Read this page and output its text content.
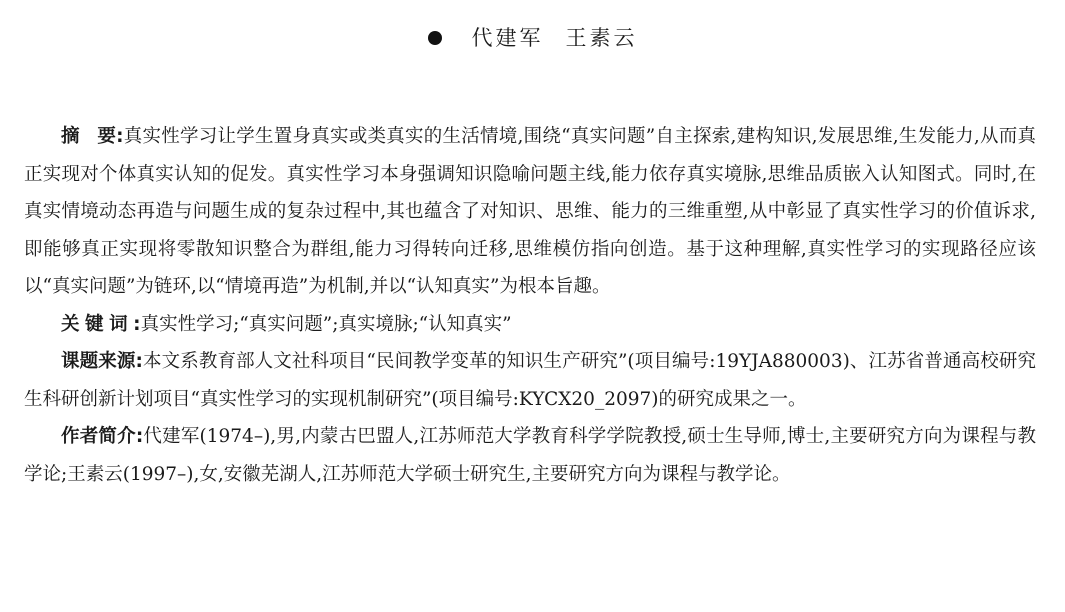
代建军 王素云

摘要:真实性学习让学生置身真实或类真实的生活情境,围绕“真实问题”自主探索,建构知识,发展思维,生发能力,从而真正实现对个体真实认知的促发。真实性学习本身强调知识隐喻问题主线,能力依存真实境脉,思维品质嵌入认知图式。同时,在真实情境动态再造与问题生成的复杂过程中,其也蕴含了对知识、思维、能力的三维重塑,从中彰显了真实性学习的价值诉求,即能够真正实现将零散知识整合为群组,能力习得转向迁移,思维模仿指向创造。基于这种理解,真实性学习的实现路径应该以“真实问题”为链环,以“情境再造”为机制,并以“认知真实”为根本旨趣。

关键词:真实性学习;“真实问题”;真实境脉;“认知真实”

课题来源:本文系教育部人文社科项目“民间教学变革的知识生产研究”(项目编号:19YJA880003)、江苏省普通高校研究生科研创新计划项目“真实性学习的实现机制研究”(项目编号:KYCX20_2097)的研究成果之一。

作者简介:代建军(1974–),男,内蒙古巴盟人,江苏师范大学教育科学学院教授,硕士生导师,博士,主要研究方向为课程与教学论;王素云(1997–),女,安徽芜湖人,江苏师范大学硕士研究生,主要研究方向为课程与教学论。
